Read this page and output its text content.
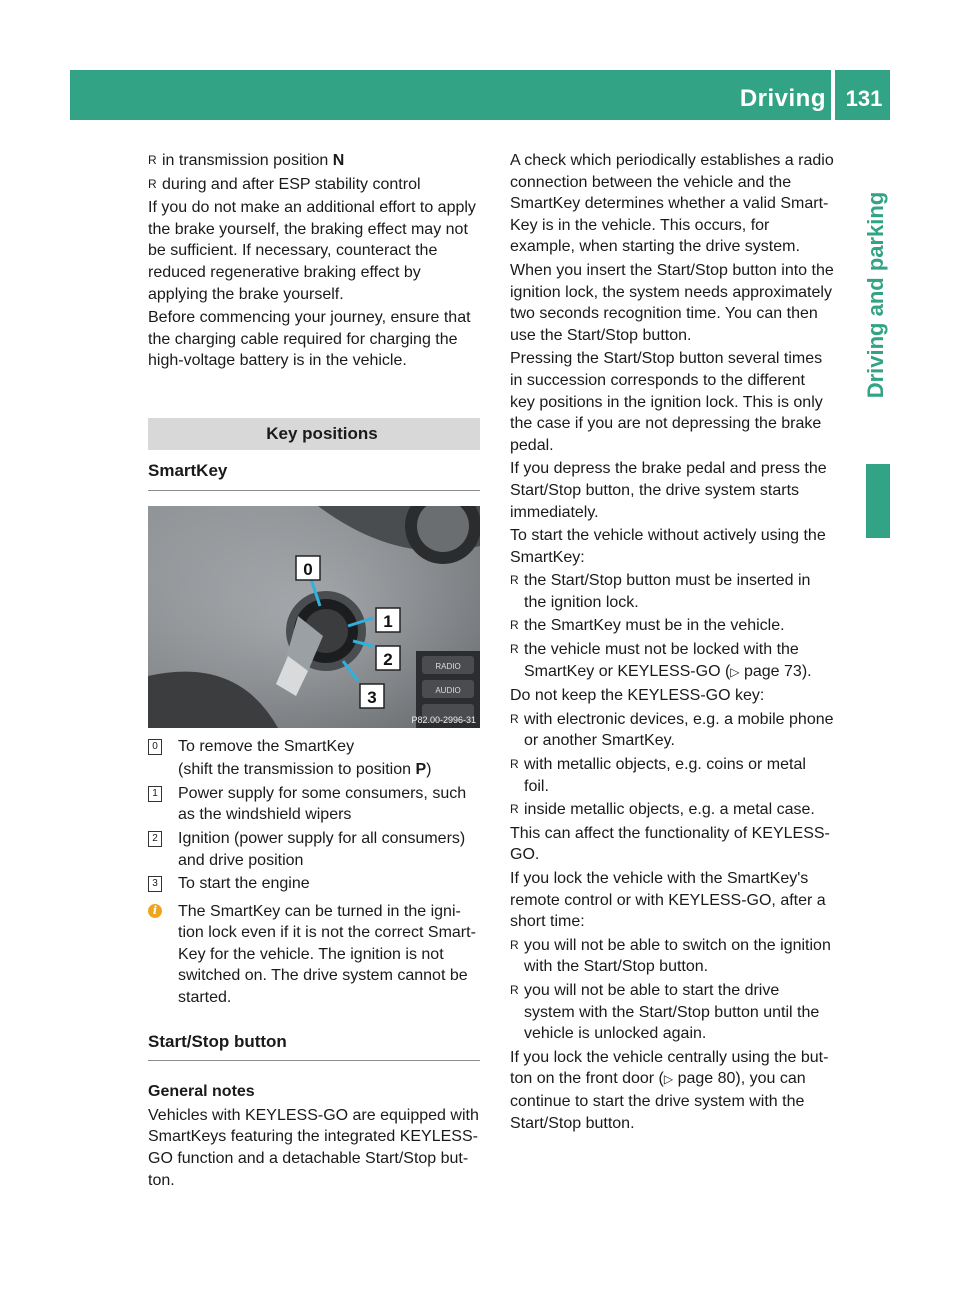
Driving 131
Driving and parking
R in transmission position N
R during and after ESP stability control

If you do not make an additional effort to apply the brake yourself, the braking effect may not be sufficient. If necessary, counteract the reduced regenerative braking effect by applying the brake yourself.

Before commencing your journey, ensure that the charging cable required for charging the high-voltage battery is in the vehicle.

Key positions
SmartKey
RADIO
AUDIO
0
1
2
3
P82.00-2996-31
0 To remove the SmartKey
(shift the transmission to position P)
1 Power supply for some consumers, such as the windshield wipers
2 Ignition (power supply for all consumers) and drive position
3 To start the engine
i	The SmartKey can be turned in the ignition lock even if it is not the correct SmartKey for the vehicle. The ignition is not switched on. The drive system cannot be started.
Start/Stop button
General notes

Vehicles with KEYLESS-GO are equipped with SmartKeys featuring the integrated KEYLESS-GO function and a detachable Start/Stop button.

A check which periodically establishes a radio connection between the vehicle and the SmartKey determines whether a valid SmartKey is in the vehicle. This occurs, for example, when starting the drive system.

When you insert the Start/Stop button into the ignition lock, the system needs approximately two seconds recognition time. You can then use the Start/Stop button.

Pressing the Start/Stop button several times in succession corresponds to the different key positions in the ignition lock. This is only the case if you are not depressing the brake pedal.

If you depress the brake pedal and press the Start/Stop button, the drive system starts immediately.

To start the vehicle without actively using the SmartKey:

R the Start/Stop button must be inserted in the ignition lock.
R the SmartKey must be in the vehicle.
R the vehicle must not be locked with the SmartKey or KEYLESS-GO (▷ page 73).

Do not keep the KEYLESS-GO key:

R with electronic devices, e.g. a mobile phone or another SmartKey.
R with metallic objects, e.g. coins or metal foil.
R inside metallic objects, e.g. a metal case.

This can affect the functionality of KEYLESS-GO.

If you lock the vehicle with the SmartKey's remote control or with KEYLESS-GO, after a short time:

R you will not be able to switch on the ignition with the Start/Stop button.
R you will not be able to start the drive system with the Start/Stop button until the vehicle is unlocked again.

If you lock the vehicle centrally using the button on the front door (▷ page 80), you can continue to start the drive system with the Start/Stop button.
